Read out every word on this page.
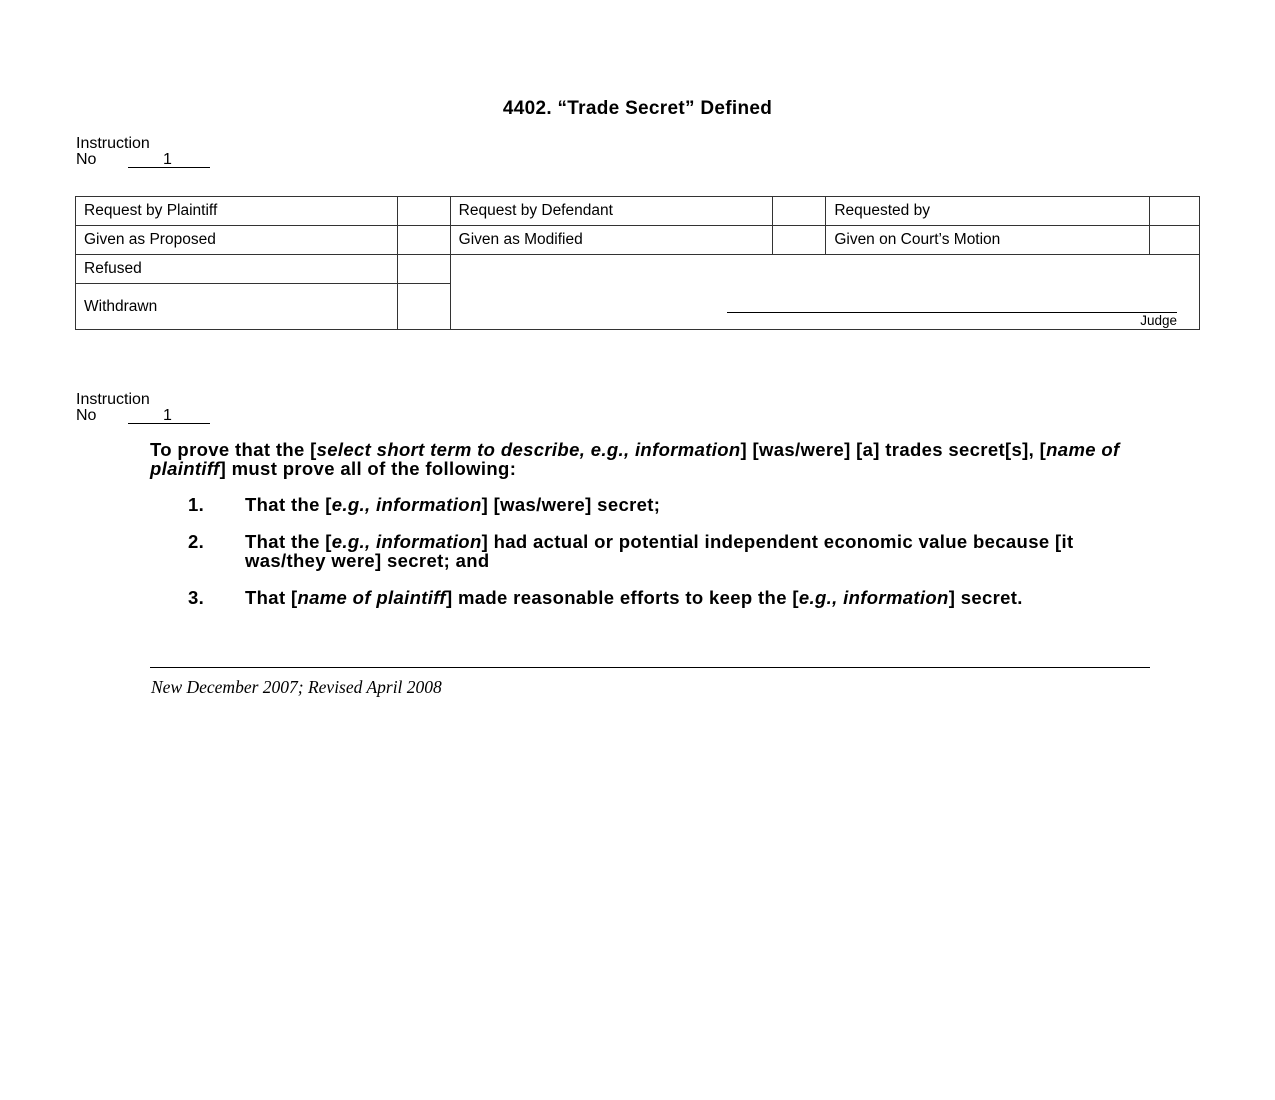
4402. “Trade Secret” Defined
Instruction
No	1
Request by Plaintiff		Request by Defendant		Requested by	
Given as Proposed		Given as Modified		Given on Court’s Motion	
Refused		Judge			

Withdrawn					
Instruction
No	1

To prove that the [select short term to describe, e.g., information] [was/were] [a] trades secret[s], [name of plaintiff] must prove all of the following:

1.	That the [e.g., information] [was/were] secret;
2.	That the [e.g., information] had actual or potential independent economic value because [it was/they were] secret; and
3.	That [name of plaintiff] made reasonable efforts to keep the [e.g., information] secret.
New December 2007; Revised April 2008
